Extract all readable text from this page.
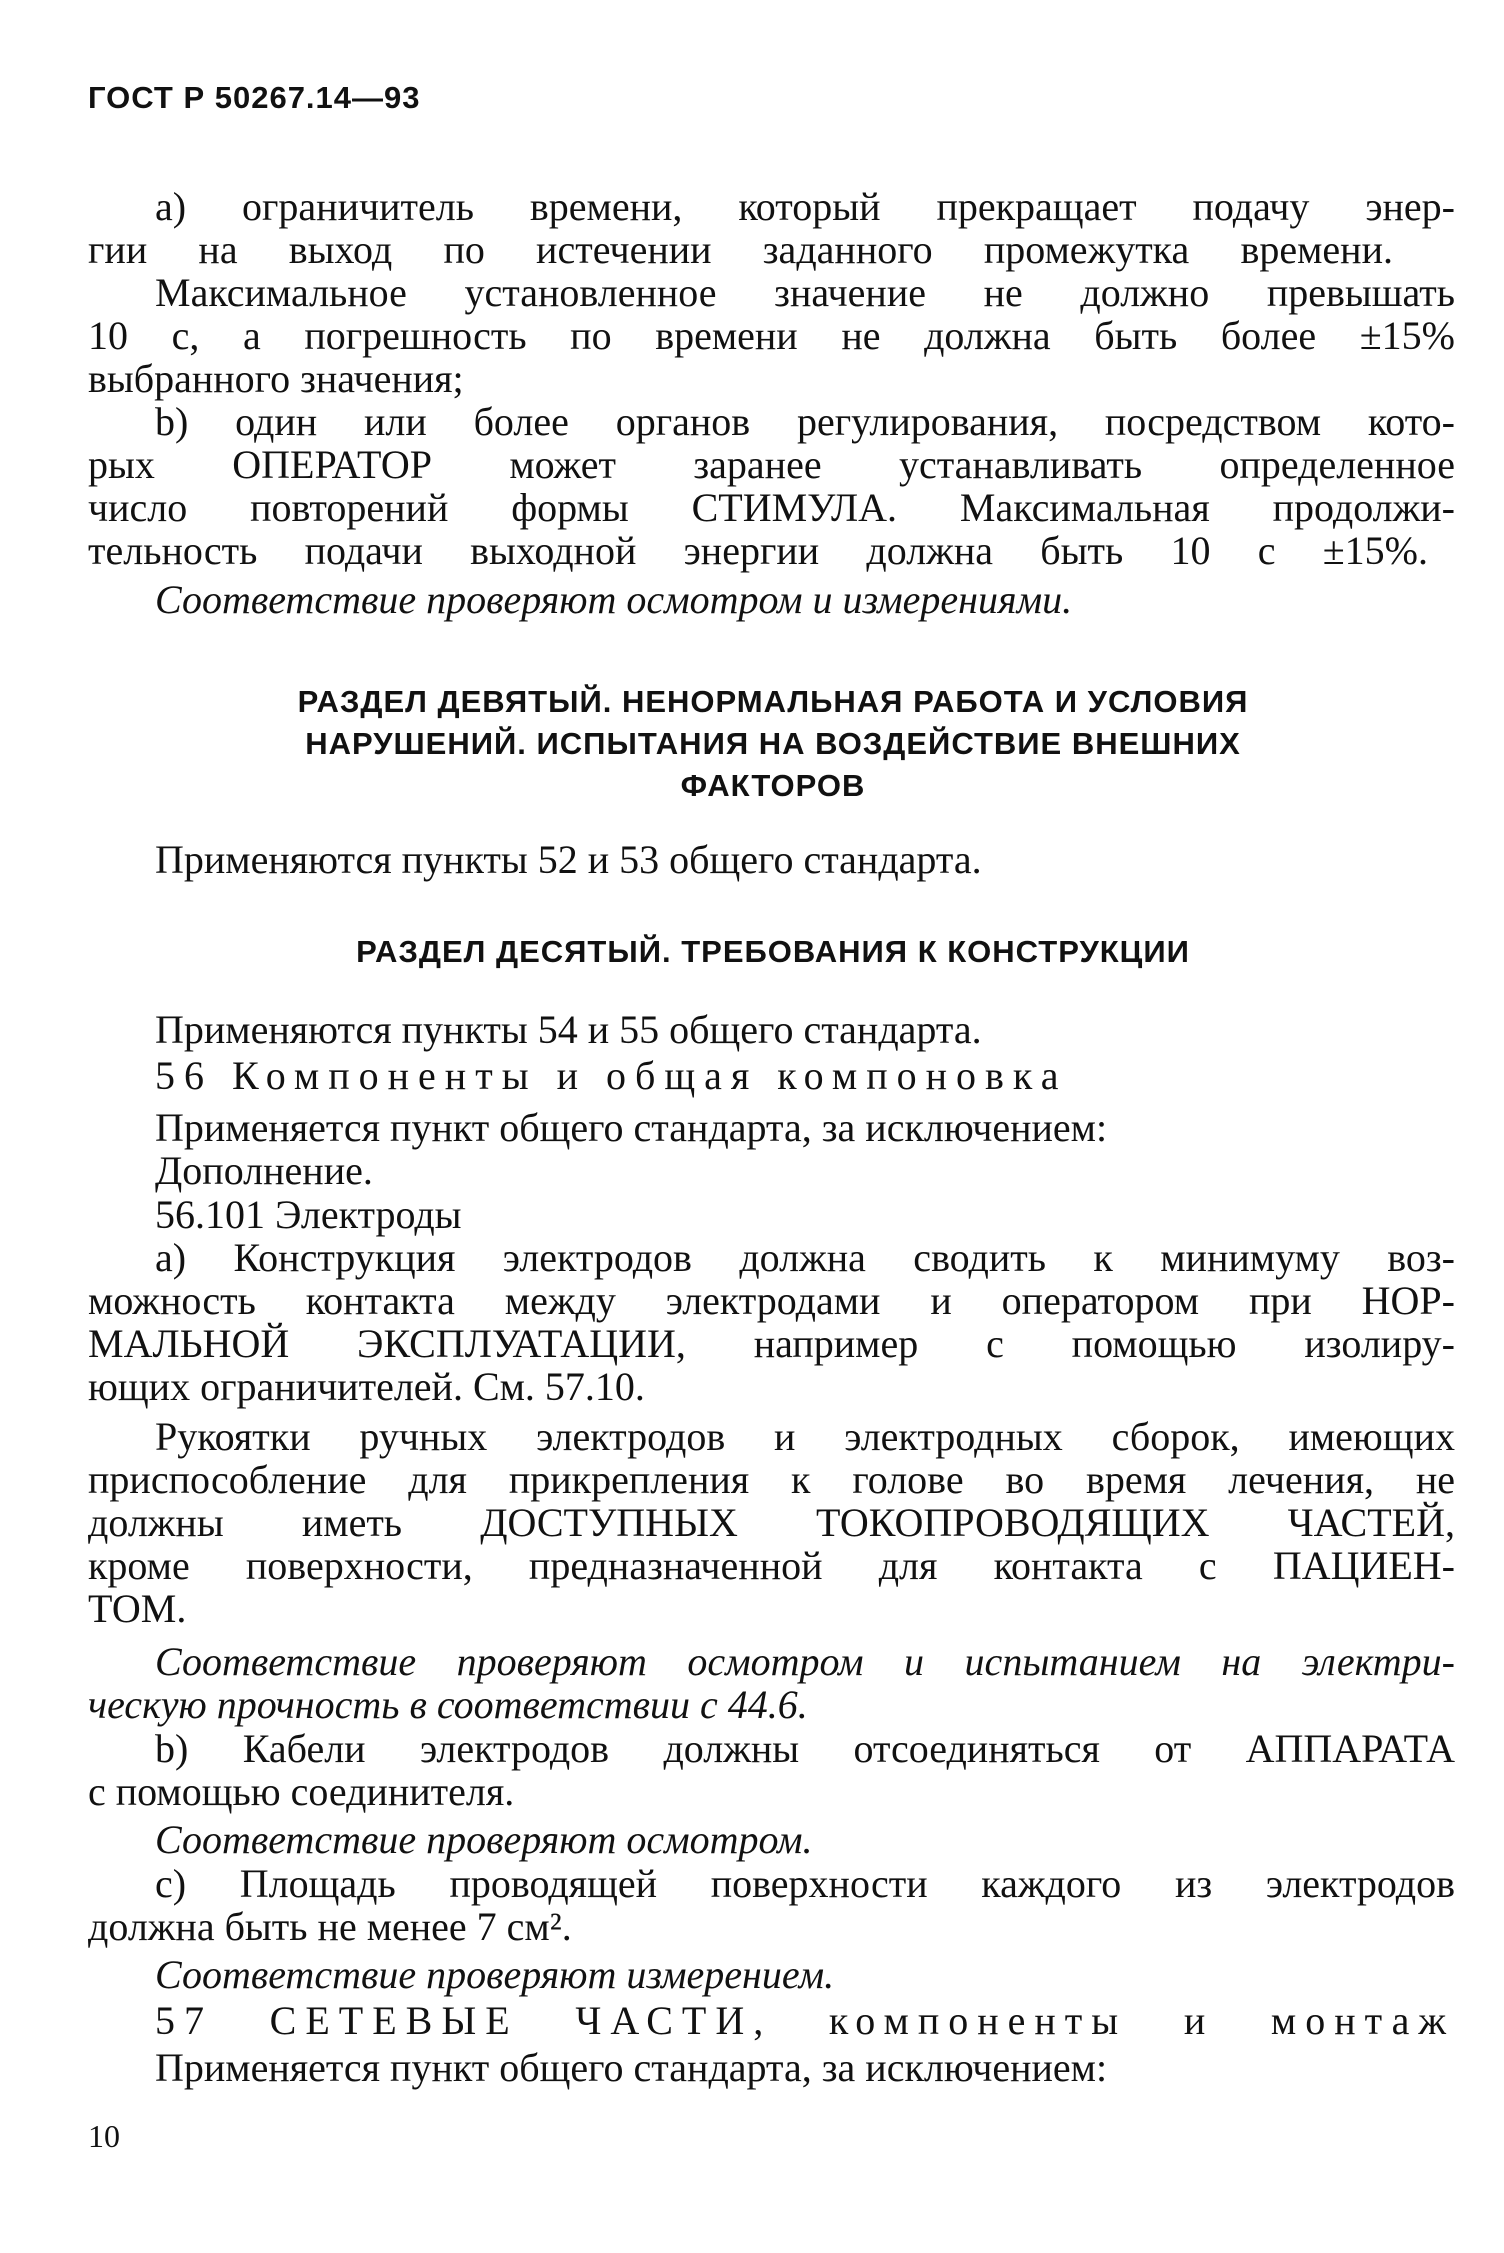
ГОСТ Р 50267.14—93
а) ограничитель времени, который прекращает подачу энер-
гии на выход по истечении заданного промежутка времени.
Максимальное установленное значение не должно превышать
10 с, а погрешность по времени не должна быть более ±15%
выбранного значения;
b) один или более органов регулирования, посредством кото-
рых ОПЕРАТОР может заранее устанавливать определенное
число повторений формы СТИМУЛА. Максимальная продолжи-
тельность подачи выходной энергии должна быть 10 с ±15%.
Соответствие проверяют осмотром и измерениями.
РАЗДЕЛ ДЕВЯТЫЙ. НЕНОРМАЛЬНАЯ РАБОТА И УСЛОВИЯ
НАРУШЕНИЙ. ИСПЫТАНИЯ НА ВОЗДЕЙСТВИЕ ВНЕШНИХ
ФАКТОРОВ
Применяются пункты 52 и 53 общего стандарта.
РАЗДЕЛ ДЕСЯТЫЙ. ТРЕБОВАНИЯ К КОНСТРУКЦИИ
Применяются пункты 54 и 55 общего стандарта.
56 Компоненты и общая компоновка
Применяется пункт общего стандарта, за исключением:
Дополнение.
56.101 Электроды
а) Конструкция электродов должна сводить к минимуму воз-
можность контакта между электродами и оператором при НОР-
МАЛЬНОЙ ЭКСПЛУАТАЦИИ, например с помощью изолиру-
ющих ограничителей. См. 57.10.
Рукоятки ручных электродов и электродных сборок, имеющих
приспособление для прикрепления к голове во время лечения, не
должны иметь ДОСТУПНЫХ ТОКОПРОВОДЯЩИХ ЧАСТЕЙ,
кроме поверхности, предназначенной для контакта с ПАЦИЕН-
ТОМ.
Соответствие проверяют осмотром и испытанием на электри-
ческую прочность в соответствии с 44.6.
b) Кабели электродов должны отсоединяться от АППАРАТА
с помощью соединителя.
Соответствие проверяют осмотром.
с) Площадь проводящей поверхности каждого из электродов
должна быть не менее 7 см².
Соответствие проверяют измерением.
57 СЕТЕВЫЕ ЧАСТИ, компоненты и монтаж
Применяется пункт общего стандарта, за исключением:
10
